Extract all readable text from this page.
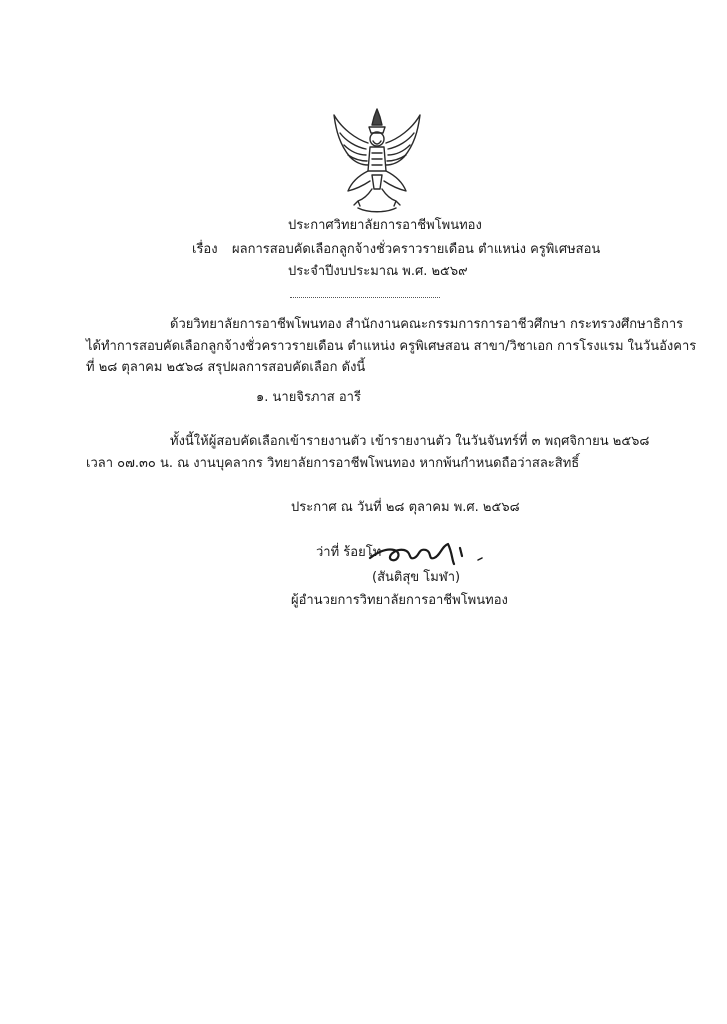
ประกาศวิทยาลัยการอาชีพโพนทอง
เรื่อง ผลการสอบคัดเลือกลูกจ้างชั่วคราวรายเดือน ตำแหน่ง ครูพิเศษสอน
ประจำปีงบประมาณ พ.ศ. ๒๕๖๙
ด้วยวิทยาลัยการอาชีพโพนทอง สำนักงานคณะกรรมการการอาชีวศึกษา กระทรวงศึกษาธิการ
ได้ทำการสอบคัดเลือกลูกจ้างชั่วคราวรายเดือน ตำแหน่ง ครูพิเศษสอน สาขา/วิชาเอก การโรงแรม ในวันอังคาร
ที่ ๒๘ ตุลาคม ๒๕๖๘ สรุปผลการสอบคัดเลือก ดังนี้
๑. นายจิรภาส อารี
ทั้งนี้ให้ผู้สอบคัดเลือกเข้ารายงานตัว เข้ารายงานตัว ในวันจันทร์ที่ ๓ พฤศจิกายน ๒๕๖๘
เวลา ๐๗.๓๐ น. ณ งานบุคลากร วิทยาลัยการอาชีพโพนทอง หากพ้นกำหนดถือว่าสละสิทธิ์
ประกาศ ณ วันที่ ๒๘ ตุลาคม พ.ศ. ๒๕๖๘
ว่าที่ ร้อยโท
(สันติสุข โมฬา)
ผู้อำนวยการวิทยาลัยการอาชีพโพนทอง
